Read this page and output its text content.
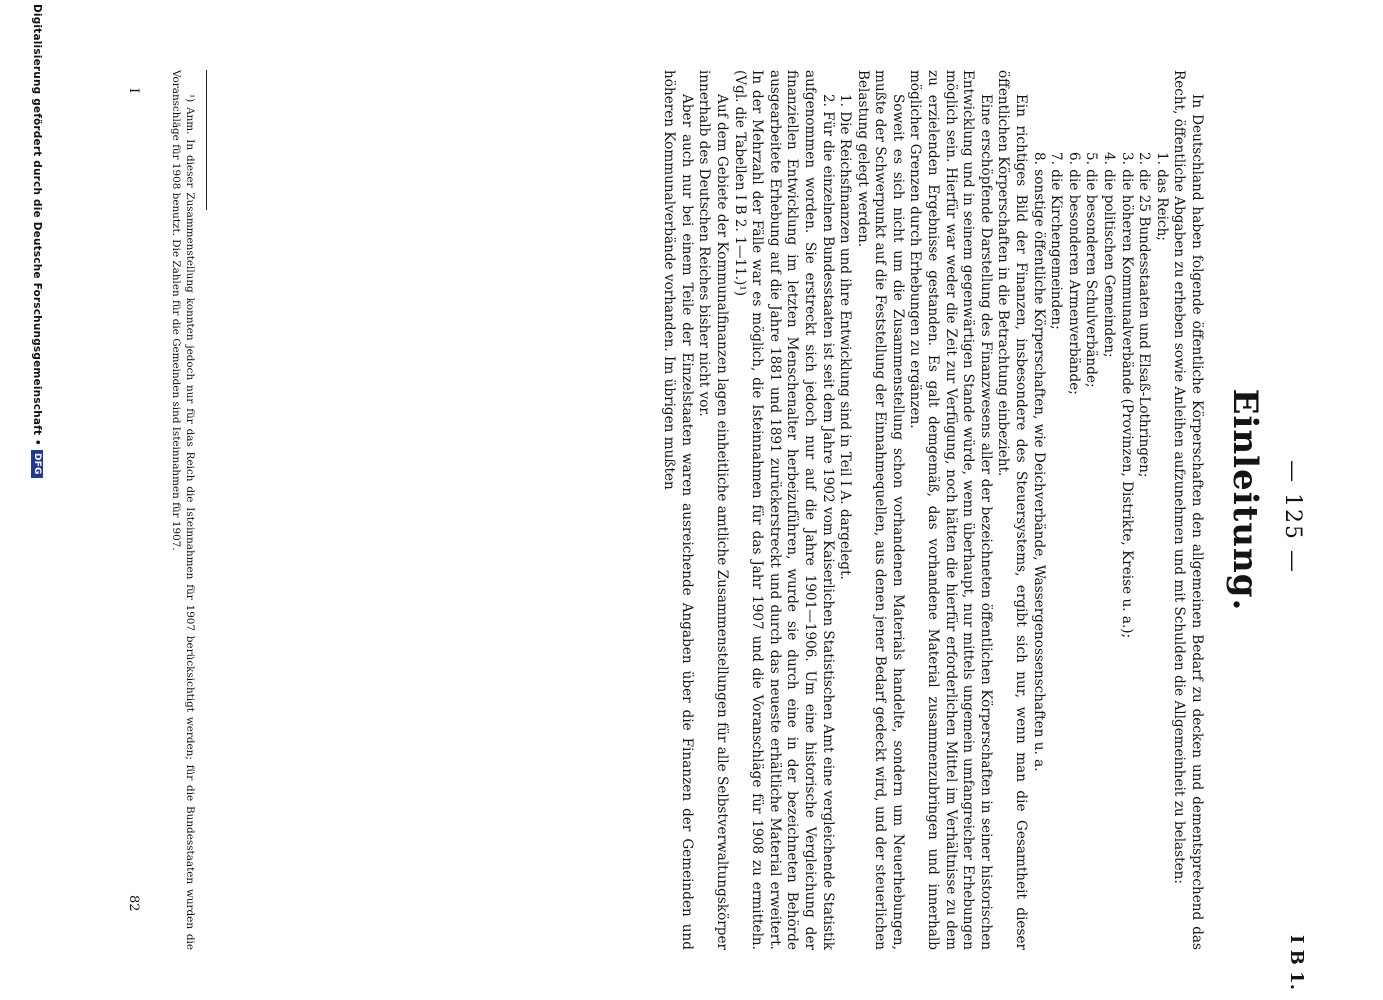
— 125 —
I B 1.
Einleitung.

In Deutschland haben folgende öffentliche Körperschaften den allgemeinen Bedarf zu decken und dementsprechend das Recht, öffentliche Abgaben zu erheben sowie Anleihen aufzunehmen und mit Schulden die Allgemeinheit zu belasten:

1. das Reich;

2. die 25 Bundesstaaten und Elsaß-Lothringen;

3. die höheren Kommunalverbände (Provinzen, Distrikte, Kreise u. a.);

4. die politischen Gemeinden;

5. die besonderen Schulverbände;

6. die besonderen Armenverbände;

7. die Kirchengemeinden;

8. sonstige öffentliche Körperschaften, wie Deichverbände, Wassergenossenschaften u. a.

Ein richtiges Bild der Finanzen, insbesondere des Steuersystems, ergibt sich nur, wenn man die Gesamtheit dieser öffentlichen Körperschaften in die Betrachtung einbezieht.

Eine erschöpfende Darstellung des Finanzwesens aller der bezeichneten öffentlichen Körperschaften in seiner historischen Entwicklung und in seinem gegenwärtigen Stande würde, wenn überhaupt, nur mittels ungemein umfangreicher Erhebungen möglich sein. Hierfür war weder die Zeit zur Verfügung, noch hätten die hierfür erforderlichen Mittel im Verhältnisse zu dem zu erzielenden Ergebnisse gestanden. Es galt demgemäß, das vorhandene Material zusammenzubringen und innerhalb möglicher Grenzen durch Erhebungen zu ergänzen.

Soweit es sich nicht um die Zusammenstellung schon vorhandenen Materials handelte, sondern um Neuerhebungen, mußte der Schwerpunkt auf die Feststellung der Einnahmequellen, aus denen jener Bedarf gedeckt wird, und der steuerlichen Belastung gelegt werden.

1. Die Reichsfinanzen und ihre Entwicklung sind in Teil I A. dargelegt.

2. Für die einzelnen Bundesstaaten ist seit dem Jahre 1902 vom Kaiserlichen Statistischen Amt eine vergleichende Statistik aufgenommen worden. Sie erstreckt sich jedoch nur auf die Jahre 1901—1906. Um eine historische Vergleichung der finanziellen Entwicklung im letzten Menschenalter herbeizuführen, wurde sie durch eine in der bezeichneten Behörde ausgearbeitete Erhebung auf die Jahre 1881 und 1891 zurückerstreckt und durch das neueste erhältliche Material erweitert. In der Mehrzahl der Fälle war es möglich, die Isteinnahmen für das Jahr 1907 und die Voranschläge für 1908 zu ermitteln. (Vgl. die Tabellen I B 2. 1—11.)¹)

Auf dem Gebiete der Kommunalfinanzen lagen einheitliche amtliche Zusammenstellungen für alle Selbstverwaltungskörper innerhalb des Deutschen Reiches bisher nicht vor.

Aber auch nur bei einem Teile der Einzelstaaten waren ausreichende Angaben über die Finanzen der Gemeinden und höheren Kommunalverbände vorhanden. Im übrigen mußten

¹) Anm. In dieser Zusammenstellung konnten jedoch nur für das Reich die Isteinnahmen für 1907 berücksichtigt werden; für die Bundesstaaten wurden die Voranschläge für 1908 benutzt. Die Zahlen für die Gemeinden sind Isteinnahmen für 1907.

I
82
Digitalisierung gefördert durch die Deutsche Forschungsgemeinschaft •DFG
